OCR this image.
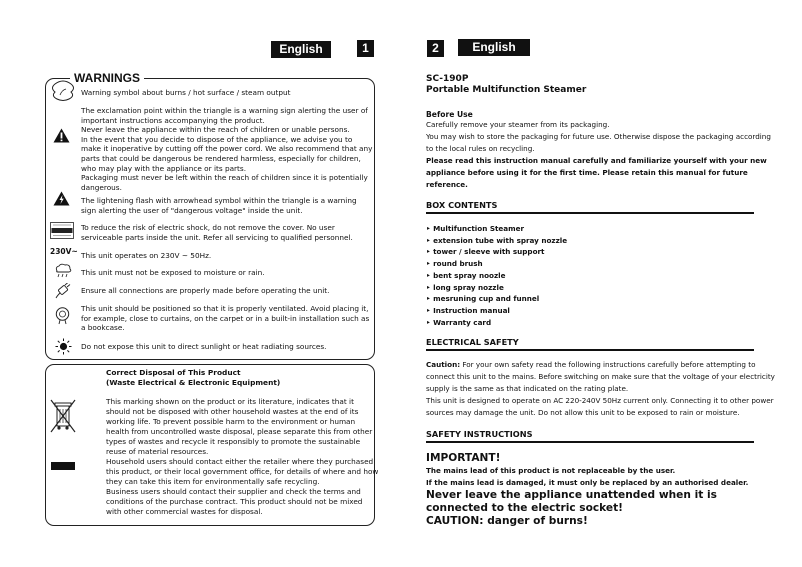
English	1
WARNINGS
Warning symbol about burns / hot surface / steam output
The exclamation point within the triangle is a warning sign alerting the user of important instructions accompanying the product.
Never leave the appliance within the reach of children or unable persons.
In the event that you decide to dispose of the appliance, we advise you to make it inoperative by cutting off the power cord. We also recommend that any parts that could be dangerous be rendered harmless, especially for children, who may play with the appliance or its parts.
Packaging must never be left within the reach of children since it is potentially dangerous.
The lightening flash with arrowhead symbol within the triangle is a warning sign alerting the user of "dangerous voltage" inside the unit.
To reduce the risk of electric shock, do not remove the cover. No user serviceable parts inside the unit. Refer all servicing to qualified personnel.
230V~ This unit operates on 230V ~ 50Hz.
This unit must not be exposed to moisture or rain.
Ensure all connections are properly made before operating the unit.
This unit should be positioned so that it is properly ventilated. Avoid placing it, for example, close to curtains, on the carpet or in a built-in installation such as a bookcase.
Do not expose this unit to direct sunlight or heat radiating sources.
Correct Disposal of This Product
(Waste Electrical & Electronic Equipment)
This marking shown on the product or its literature, indicates that it should not be disposed with other household wastes at the end of its working life. To prevent possible harm to the environment or human health from uncontrolled waste disposal, please separate this from other types of wastes and recycle it responsibly to promote the sustainable reuse of material resources.
Household users should contact either the retailer where they purchased this product, or their local government office, for details of where and how they can take this item for environmentally safe recycling.
Business users should contact their supplier and check the terms and conditions of the purchase contract. This product should not be mixed with other commercial wastes for disposal.
2	English
SC-190P
Portable Multifunction Steamer
Before Use
Carefully remove your steamer from its packaging.
You may wish to store the packaging for future use. Otherwise dispose the packaging according to the local rules on recycling.
Please read this instruction manual carefully and familiarize yourself with your new appliance before using it for the first time. Please retain this manual for future reference.
BOX CONTENTS
‣ Multifunction Steamer
‣ extension tube with spray nozzle
‣ tower / sleeve with support
‣ round brush
‣ bent spray noozle
‣ long spray nozzle
‣ mesruning cup and funnel
‣ Instruction manual
‣ Warranty card
ELECTRICAL SAFETY
Caution: For your own safety read the following instructions carefully before attempting to connect this unit to the mains. Before switching on make sure that the voltage of your electricity supply is the same as that indicated on the rating plate.
This unit is designed to operate on AC 220-240V 50Hz current only. Connecting it to other power sources may damage the unit. Do not allow this unit to be exposed to rain or moisture.
SAFETY INSTRUCTIONS
IMPORTANT!
The mains lead of this product is not replaceable by the user.
If the mains lead is damaged, it must only be replaced by an authorised dealer.
Never leave the appliance unattended when it is connected to the electric socket!
CAUTION: danger of burns!
